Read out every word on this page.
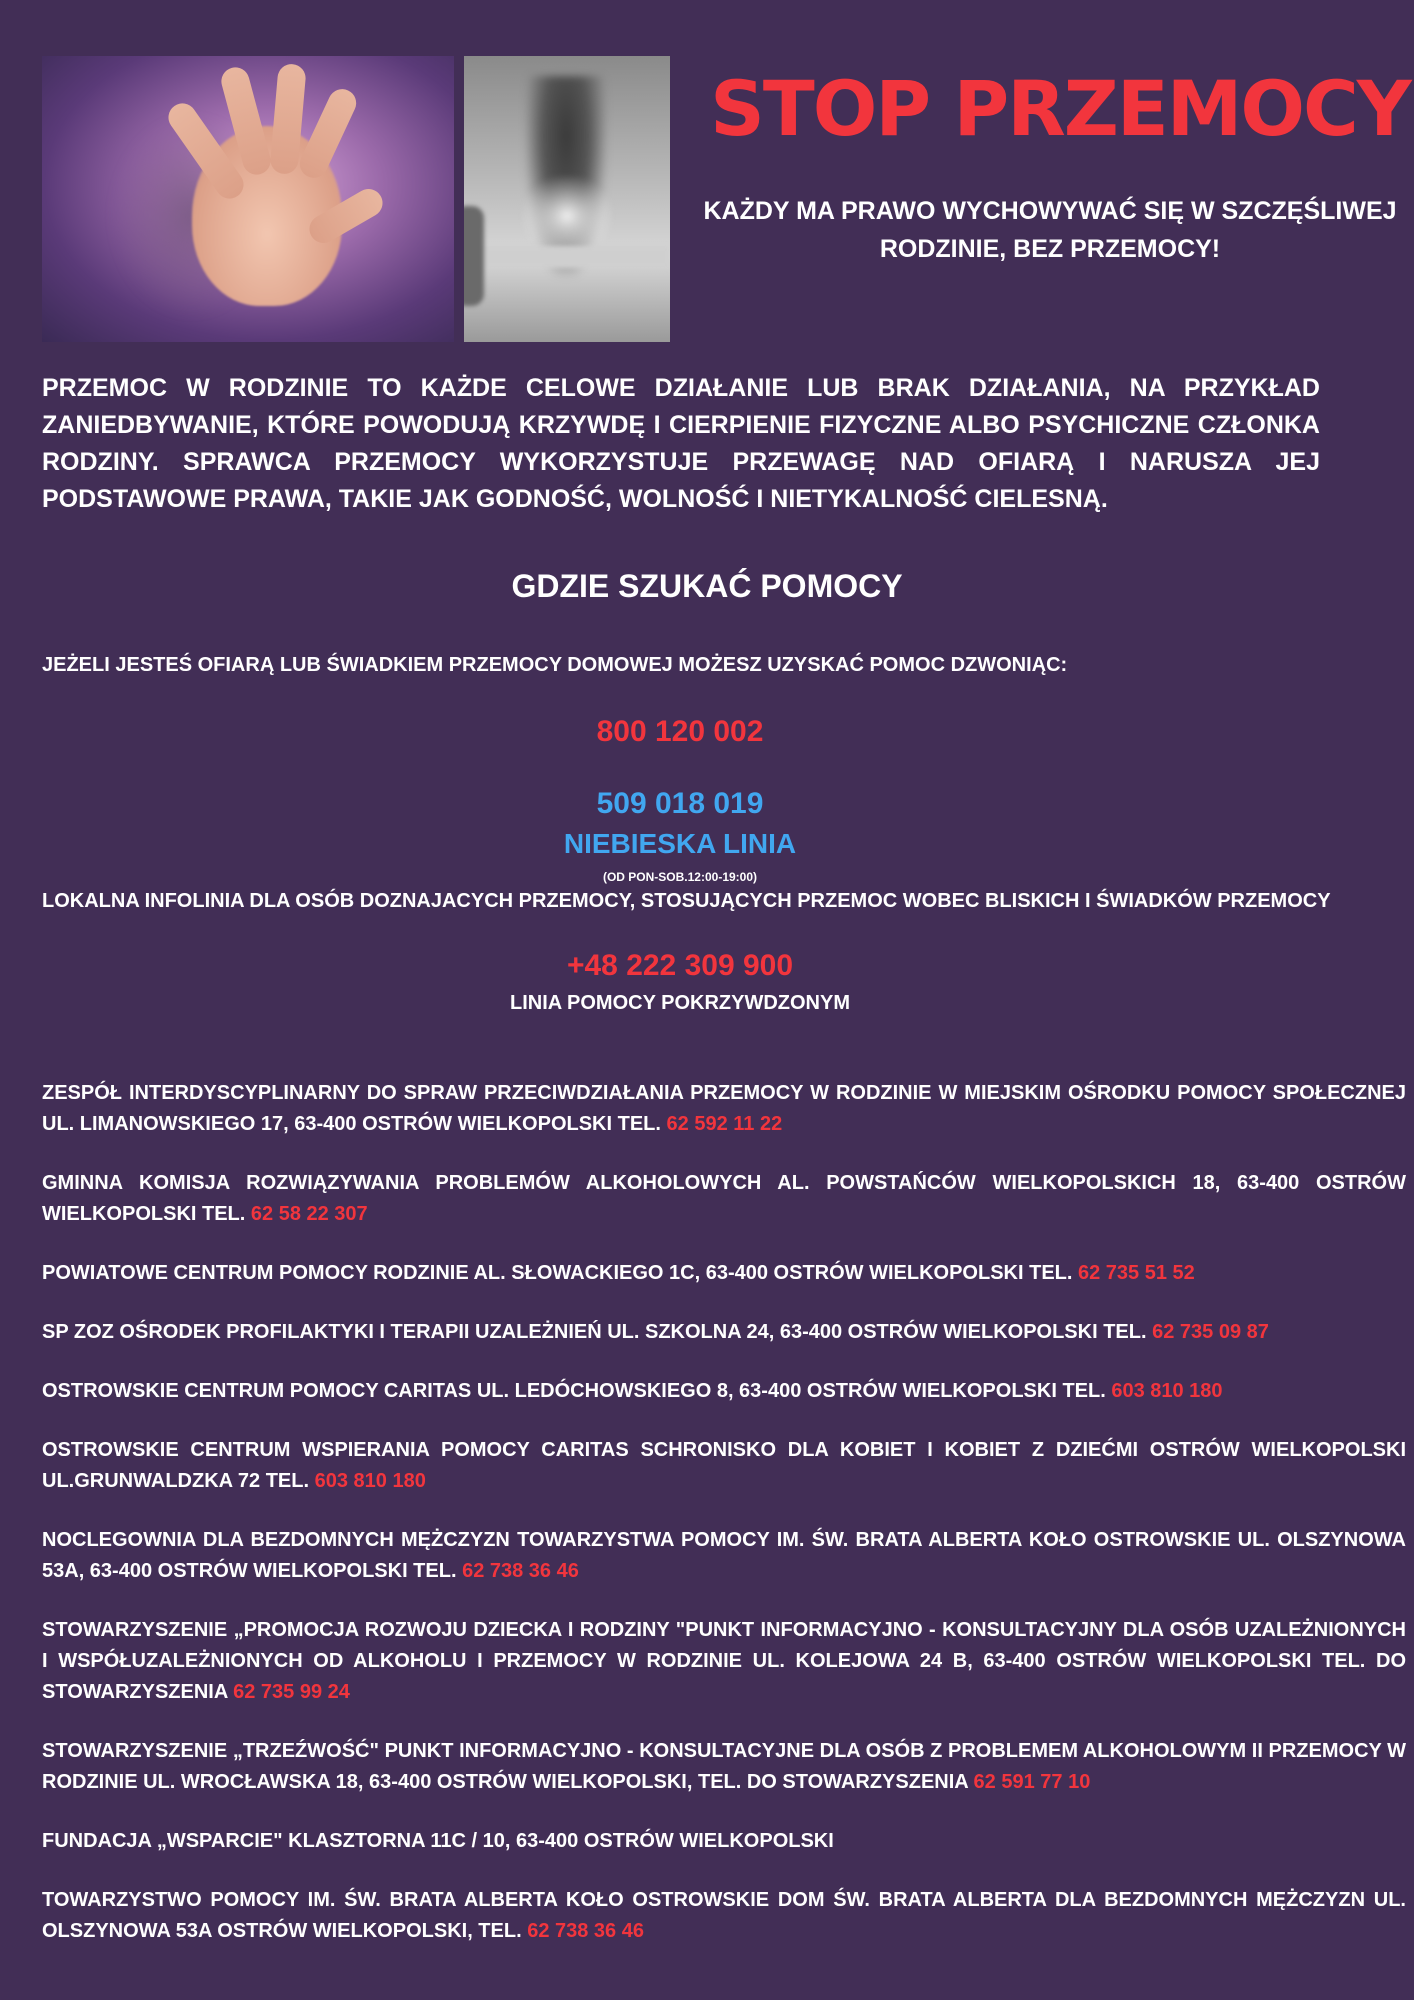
STOP PRZEMOCY
KAŻDY MA PRAWO WYCHOWYWAĆ SIĘ W SZCZĘŚLIWEJ
RODZINIE, BEZ PRZEMOCY!
PRZEMOC W RODZINIE TO KAŻDE CELOWE DZIAŁANIE LUB BRAK DZIAŁANIA, NA PRZYKŁAD ZANIEDBYWANIE, KTÓRE POWODUJĄ KRZYWDĘ I CIERPIENIE FIZYCZNE ALBO PSYCHICZNE CZŁONKA RODZINY. SPRAWCA PRZEMOCY WYKORZYSTUJE PRZEWAGĘ NAD OFIARĄ I NARUSZA JEJ PODSTAWOWE PRAWA, TAKIE JAK GODNOŚĆ, WOLNOŚĆ I NIETYKALNOŚĆ CIELESNĄ.
GDZIE SZUKAĆ POMOCY
JEŻELI JESTEŚ OFIARĄ LUB ŚWIADKIEM PRZEMOCY DOMOWEJ MOŻESZ UZYSKAĆ POMOC DZWONIĄC:
800 120 002
509 018 019
NIEBIESKA LINIA
(OD PON-SOB.12:00-19:00)
LOKALNA INFOLINIA DLA OSÓB DOZNAJACYCH PRZEMOCY, STOSUJĄCYCH PRZEMOC WOBEC BLISKICH I ŚWIADKÓW PRZEMOCY
+48 222 309 900
LINIA POMOCY POKRZYWDZONYM
ZESPÓŁ INTERDYSCYPLINARNY DO SPRAW PRZECIWDZIAŁANIA PRZEMOCY W RODZINIE W MIEJSKIM OŚRODKU POMOCY SPOŁECZNEJ UL. LIMANOWSKIEGO 17, 63-400 OSTRÓW WIELKOPOLSKI TEL. 62 592 11 22
GMINNA KOMISJA ROZWIĄZYWANIA PROBLEMÓW ALKOHOLOWYCH AL. POWSTAŃCÓW WIELKOPOLSKICH 18, 63-400 OSTRÓW WIELKOPOLSKI TEL. 62 58 22 307
POWIATOWE CENTRUM POMOCY RODZINIE AL. SŁOWACKIEGO 1C, 63-400 OSTRÓW WIELKOPOLSKI TEL. 62 735 51 52
SP ZOZ OŚRODEK PROFILAKTYKI I TERAPII UZALEŻNIEŃ UL. SZKOLNA 24, 63-400 OSTRÓW WIELKOPOLSKI TEL. 62 735 09 87
OSTROWSKIE CENTRUM POMOCY CARITAS UL. LEDÓCHOWSKIEGO 8, 63-400 OSTRÓW WIELKOPOLSKI TEL. 603 810 180
OSTROWSKIE CENTRUM WSPIERANIA POMOCY CARITAS SCHRONISKO DLA KOBIET I KOBIET Z DZIEĆMI OSTRÓW WIELKOPOLSKI UL.GRUNWALDZKA 72 TEL. 603 810 180
NOCLEGOWNIA DLA BEZDOMNYCH MĘŻCZYZN TOWARZYSTWA POMOCY IM. ŚW. BRATA ALBERTA KOŁO OSTROWSKIE UL. OLSZYNOWA 53A, 63-400 OSTRÓW WIELKOPOLSKI TEL. 62 738 36 46
STOWARZYSZENIE „PROMOCJA ROZWOJU DZIECKA I RODZINY "PUNKT INFORMACYJNO - KONSULTACYJNY DLA OSÓB UZALEŻNIONYCH I WSPÓŁUZALEŻNIONYCH OD ALKOHOLU I PRZEMOCY W RODZINIE UL. KOLEJOWA 24 B, 63-400 OSTRÓW WIELKOPOLSKI TEL. DO STOWARZYSZENIA 62 735 99 24
STOWARZYSZENIE „TRZEŹWOŚĆ" PUNKT INFORMACYJNO - KONSULTACYJNE DLA OSÓB Z PROBLEMEM ALKOHOLOWYM II PRZEMOCY W RODZINIE UL. WROCŁAWSKA 18, 63-400 OSTRÓW WIELKOPOLSKI, TEL. DO STOWARZYSZENIA 62 591 77 10
FUNDACJA „WSPARCIE" KLASZTORNA 11C / 10, 63-400 OSTRÓW WIELKOPOLSKI
TOWARZYSTWO POMOCY IM. ŚW. BRATA ALBERTA KOŁO OSTROWSKIE DOM ŚW. BRATA ALBERTA DLA BEZDOMNYCH MĘŻCZYZN UL. OLSZYNOWA 53A OSTRÓW WIELKOPOLSKI, TEL. 62 738 36 46
